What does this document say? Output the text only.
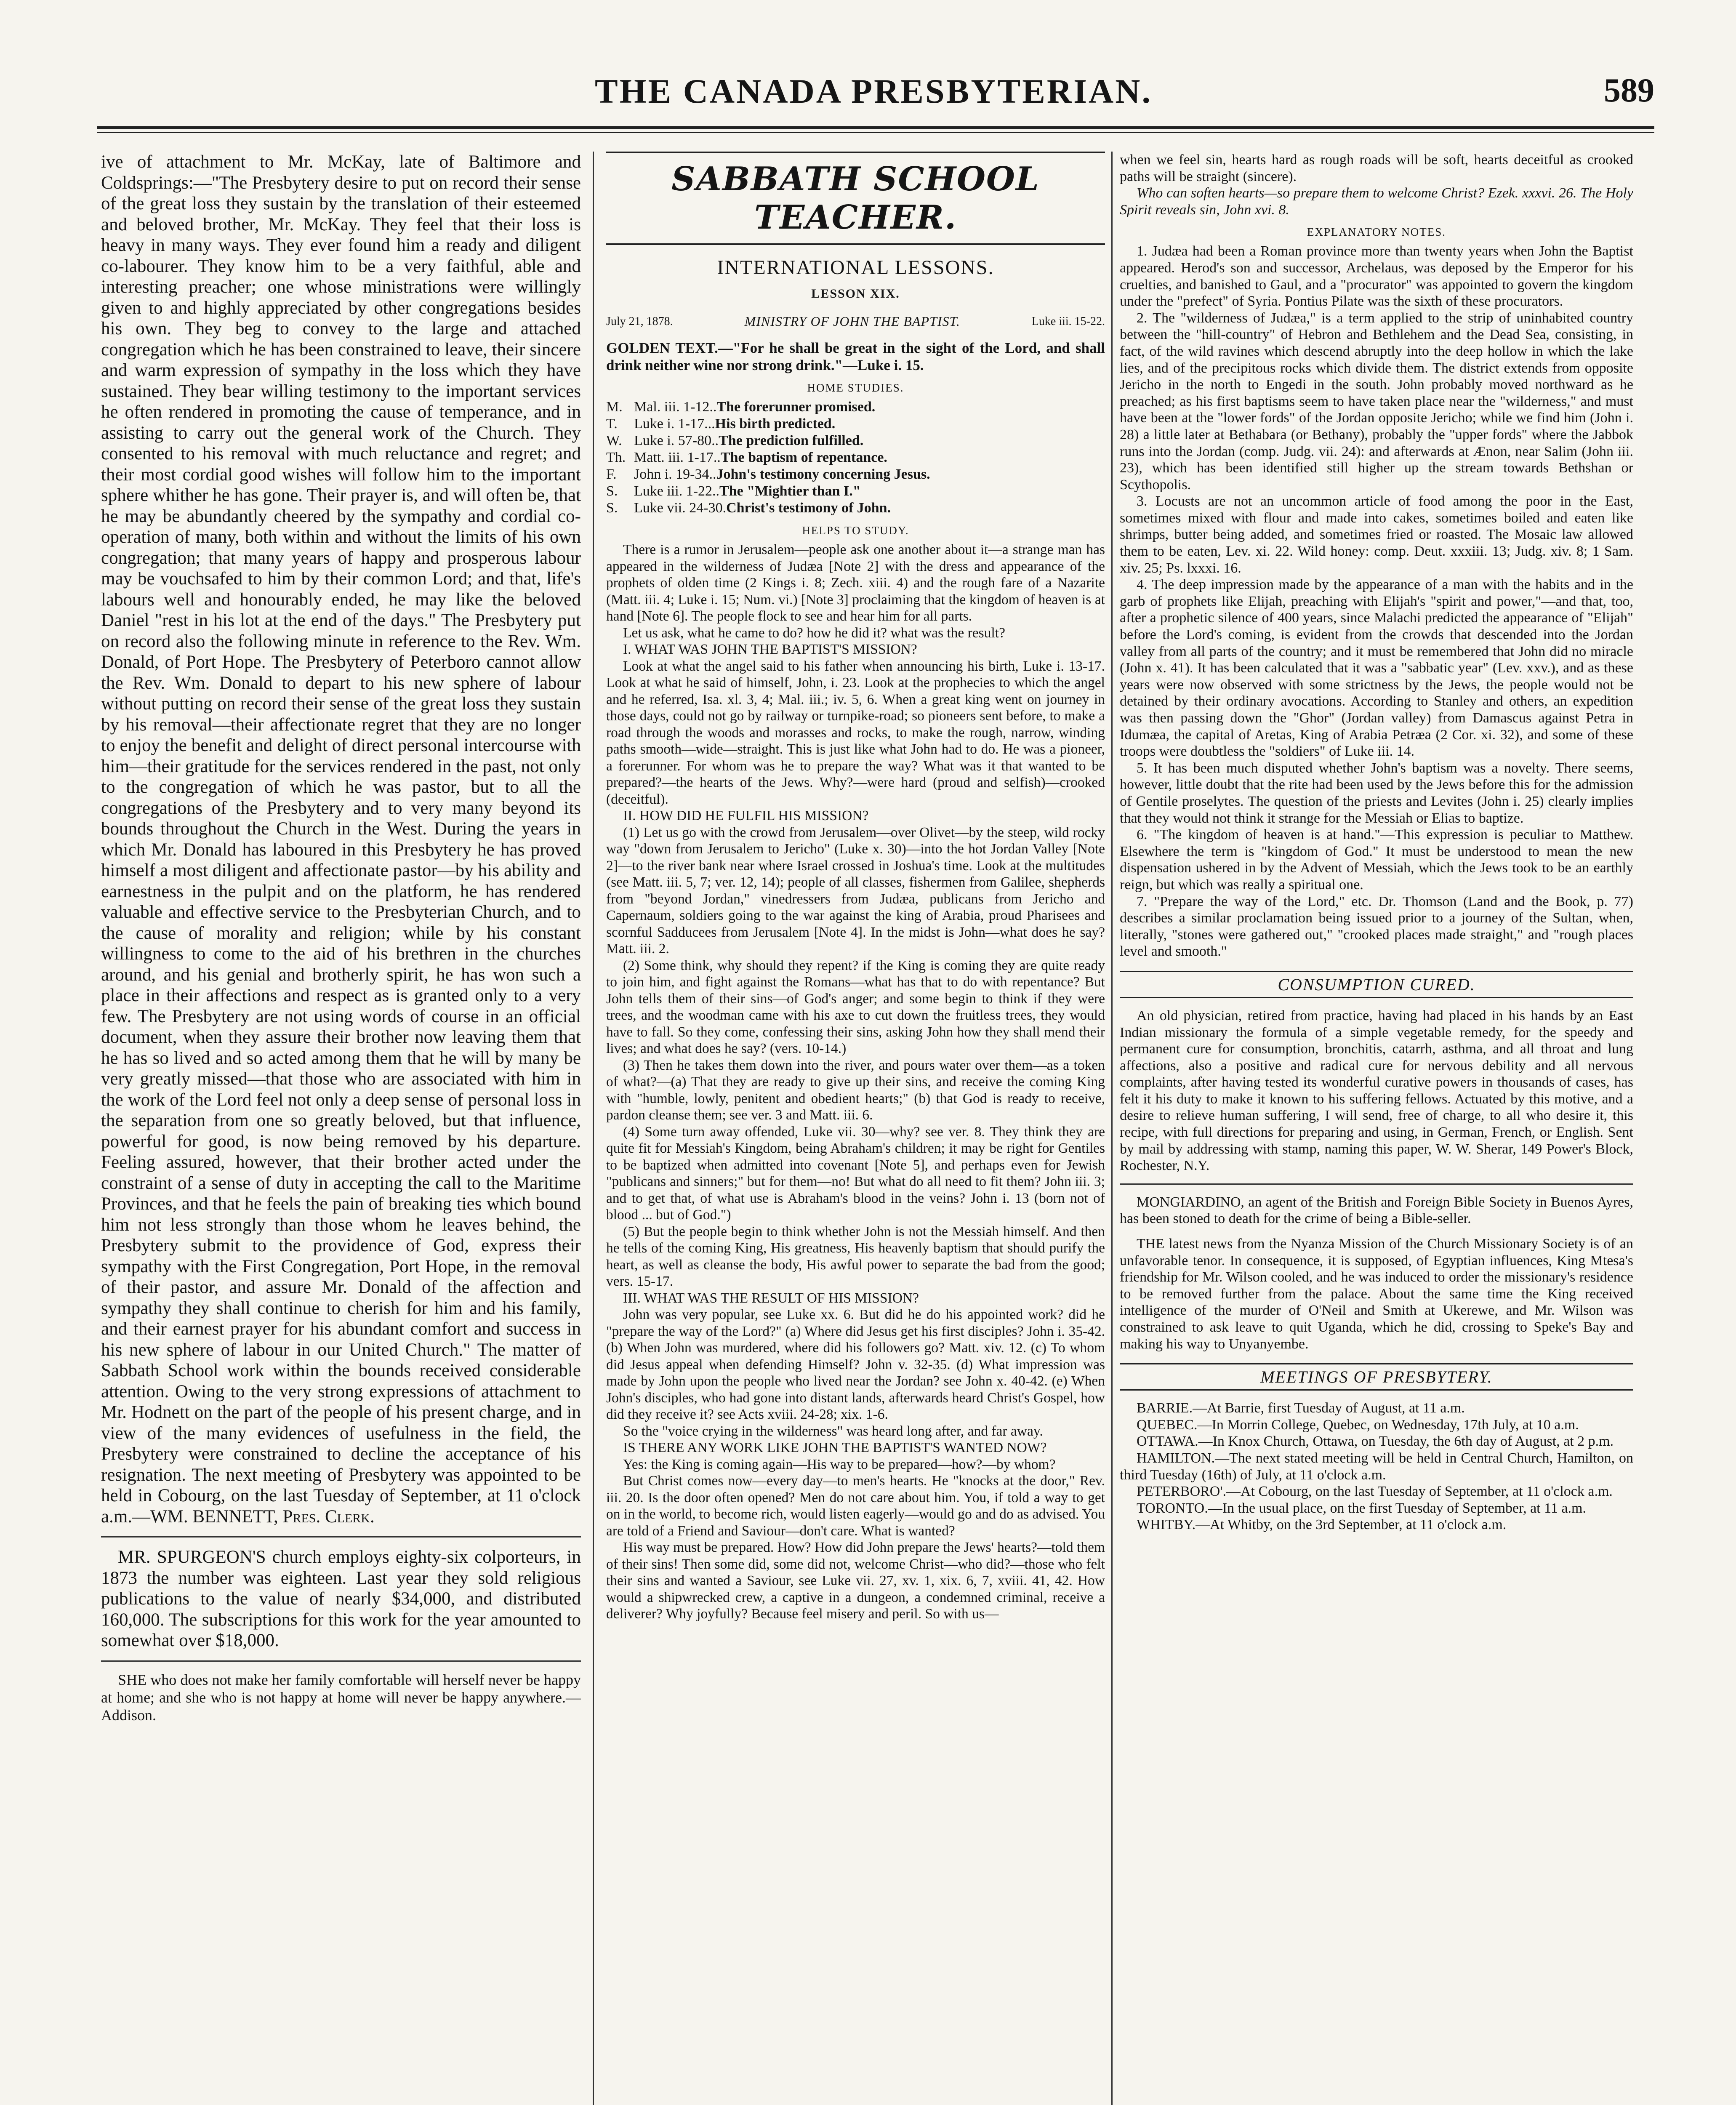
THE CANADA PRESBYTERIAN.	589

ive of attachment to Mr. McKay, late of Baltimore and Coldsprings:—"The Presbytery desire to put on record their sense of the great loss they sustain by the translation of their esteemed and beloved brother, Mr. McKay. They feel that their loss is heavy in many ways. They ever found him a ready and diligent co-labourer. They know him to be a very faithful, able and interesting preacher; one whose ministrations were willingly given to and highly appreciated by other congregations besides his own. They beg to convey to the large and attached congregation which he has been constrained to leave, their sincere and warm expression of sympathy in the loss which they have sustained. They bear willing testimony to the important services he often rendered in promoting the cause of temperance, and in assisting to carry out the general work of the Church. They consented to his removal with much reluctance and regret; and their most cordial good wishes will follow him to the important sphere whither he has gone. Their prayer is, and will often be, that he may be abundantly cheered by the sympathy and cordial co-operation of many, both within and without the limits of his own congregation; that many years of happy and prosperous labour may be vouchsafed to him by their common Lord; and that, life's labours well and honourably ended, he may like the beloved Daniel "rest in his lot at the end of the days." The Presbytery put on record also the following minute in reference to the Rev. Wm. Donald, of Port Hope. The Presbytery of Peterboro cannot allow the Rev. Wm. Donald to depart to his new sphere of labour without putting on record their sense of the great loss they sustain by his removal—their affectionate regret that they are no longer to enjoy the benefit and delight of direct personal intercourse with him—their gratitude for the services rendered in the past, not only to the congregation of which he was pastor, but to all the congregations of the Presbytery and to very many beyond its bounds throughout the Church in the West. During the years in which Mr. Donald has laboured in this Presbytery he has proved himself a most diligent and affectionate pastor—by his ability and earnestness in the pulpit and on the platform, he has rendered valuable and effective service to the Presbyterian Church, and to the cause of morality and religion; while by his constant willingness to come to the aid of his brethren in the churches around, and his genial and brotherly spirit, he has won such a place in their affections and respect as is granted only to a very few. The Presbytery are not using words of course in an official document, when they assure their brother now leaving them that he has so lived and so acted among them that he will by many be very greatly missed—that those who are associated with him in the work of the Lord feel not only a deep sense of personal loss in the separation from one so greatly beloved, but that influence, powerful for good, is now being removed by his departure. Feeling assured, however, that their brother acted under the constraint of a sense of duty in accepting the call to the Maritime Provinces, and that he feels the pain of breaking ties which bound him not less strongly than those whom he leaves behind, the Presbytery submit to the providence of God, express their sympathy with the First Congregation, Port Hope, in the removal of their pastor, and assure Mr. Donald of the affection and sympathy they shall continue to cherish for him and his family, and their earnest prayer for his abundant comfort and success in his new sphere of labour in our United Church." The matter of Sabbath School work within the bounds received considerable attention. Owing to the very strong expressions of attachment to Mr. Hodnett on the part of the people of his present charge, and in view of the many evidences of usefulness in the field, the Presbytery were constrained to decline the acceptance of his resignation. The next meeting of Presbytery was appointed to be held in Cobourg, on the last Tuesday of September, at 11 o'clock a.m.—WM. BENNETT, Pres. Clerk.

MR. SPURGEON'S church employs eighty-six colporteurs, in 1873 the number was eighteen. Last year they sold religious publications to the value of nearly $34,000, and distributed 160,000. The subscriptions for this work for the year amounted to somewhat over $18,000.

SHE who does not make her family comfortable will herself never be happy at home; and she who is not happy at home will never be happy anywhere.—Addison.

SABBATH SCHOOL TEACHER.
INTERNATIONAL LESSONS.
LESSON XIX.
July 21, 1878.	MINISTRY OF JOHN THE BAPTIST.	Luke iii. 15-22.

GOLDEN TEXT.—"For he shall be great in the sight of the Lord, and shall drink neither wine nor strong drink."—Luke i. 15.

HOME STUDIES.
M. Mal. iii. 1-12.. The forerunner promised.
T.	Luke i. 1-17... His birth predicted.
W. Luke i. 57-80.. The prediction fulfilled.
Th. Matt. iii. 1-17.. The baptism of repentance.
F.	John i. 19-34.. John's testimony concerning Jesus.
S.	Luke iii. 1-22.. The "Mightier than I."
S.	Luke vii. 24-30. Christ's testimony of John.
HELPS TO STUDY.

There is a rumor in Jerusalem—people ask one another about it—a strange man has appeared in the wilderness of Judæa [Note 2] with the dress and appearance of the prophets of olden time (2 Kings i. 8; Zech. xiii. 4) and the rough fare of a Nazarite (Matt. iii. 4; Luke i. 15; Num. vi.) [Note 3] proclaiming that the kingdom of heaven is at hand [Note 6]. The people flock to see and hear him for all parts.

Let us ask, what he came to do? how he did it? what was the result?

I. WHAT WAS JOHN THE BAPTIST'S MISSION?

Look at what the angel said to his father when announcing his birth, Luke i. 13-17. Look at what he said of himself, John, i. 23. Look at the prophecies to which the angel and he referred, Isa. xl. 3, 4; Mal. iii.; iv. 5, 6. When a great king went on journey in those days, could not go by railway or turnpike-road; so pioneers sent before, to make a road through the woods and morasses and rocks, to make the rough, narrow, winding paths smooth—wide—straight. This is just like what John had to do. He was a pioneer, a forerunner. For whom was he to prepare the way? What was it that wanted to be prepared?—the hearts of the Jews. Why?—were hard (proud and selfish)—crooked (deceitful).

II. HOW DID HE FULFIL HIS MISSION?

(1) Let us go with the crowd from Jerusalem—over Olivet—by the steep, wild rocky way "down from Jerusalem to Jericho" (Luke x. 30)—into the hot Jordan Valley [Note 2]—to the river bank near where Israel crossed in Joshua's time. Look at the multitudes (see Matt. iii. 5, 7; ver. 12, 14); people of all classes, fishermen from Galilee, shepherds from "beyond Jordan," vinedressers from Judæa, publicans from Jericho and Capernaum, soldiers going to the war against the king of Arabia, proud Pharisees and scornful Sadducees from Jerusalem [Note 4]. In the midst is John—what does he say? Matt. iii. 2.

(2) Some think, why should they repent? if the King is coming they are quite ready to join him, and fight against the Romans—what has that to do with repentance? But John tells them of their sins—of God's anger; and some begin to think if they were trees, and the woodman came with his axe to cut down the fruitless trees, they would have to fall. So they come, confessing their sins, asking John how they shall mend their lives; and what does he say? (vers. 10-14.)

(3) Then he takes them down into the river, and pours water over them—as a token of what?—(a) That they are ready to give up their sins, and receive the coming King with "humble, lowly, penitent and obedient hearts;" (b) that God is ready to receive, pardon cleanse them; see ver. 3 and Matt. iii. 6.

(4) Some turn away offended, Luke vii. 30—why? see ver. 8. They think they are quite fit for Messiah's Kingdom, being Abraham's children; it may be right for Gentiles to be baptized when admitted into covenant [Note 5], and perhaps even for Jewish "publicans and sinners;" but for them—no! But what do all need to fit them? John iii. 3; and to get that, of what use is Abraham's blood in the veins? John i. 13 (born not of blood ... but of God.")

(5) But the people begin to think whether John is not the Messiah himself. And then he tells of the coming King, His greatness, His heavenly baptism that should purify the heart, as well as cleanse the body, His awful power to separate the bad from the good; vers. 15-17.

III. WHAT WAS THE RESULT OF HIS MISSION?

John was very popular, see Luke xx. 6. But did he do his appointed work? did he "prepare the way of the Lord?" (a) Where did Jesus get his first disciples? John i. 35-42. (b) When John was murdered, where did his followers go? Matt. xiv. 12. (c) To whom did Jesus appeal when defending Himself? John v. 32-35. (d) What impression was made by John upon the people who lived near the Jordan? see John x. 40-42. (e) When John's disciples, who had gone into distant lands, afterwards heard Christ's Gospel, how did they receive it? see Acts xviii. 24-28; xix. 1-6.

So the "voice crying in the wilderness" was heard long after, and far away.

IS THERE ANY WORK LIKE JOHN THE BAPTIST'S WANTED NOW?

Yes: the King is coming again—His way to be prepared—how?—by whom?

But Christ comes now—every day—to men's hearts. He "knocks at the door," Rev. iii. 20. Is the door often opened? Men do not care about him. You, if told a way to get on in the world, to become rich, would listen eagerly—would go and do as advised. You are told of a Friend and Saviour—don't care. What is wanted?

His way must be prepared. How? How did John prepare the Jews' hearts?—told them of their sins! Then some did, some did not, welcome Christ—who did?—those who felt their sins and wanted a Saviour, see Luke vii. 27, xv. 1, xix. 6, 7, xviii. 41, 42. How would a shipwrecked crew, a captive in a dungeon, a condemned criminal, receive a deliverer? Why joyfully? Because feel misery and peril. So with us—

when we feel sin, hearts hard as rough roads will be soft, hearts deceitful as crooked paths will be straight (sincere).

Who can soften hearts—so prepare them to welcome Christ? Ezek. xxxvi. 26. The Holy Spirit reveals sin, John xvi. 8.

EXPLANATORY NOTES.

1. Judæa had been a Roman province more than twenty years when John the Baptist appeared. Herod's son and successor, Archelaus, was deposed by the Emperor for his cruelties, and banished to Gaul, and a "procurator" was appointed to govern the kingdom under the "prefect" of Syria. Pontius Pilate was the sixth of these procurators.

2. The "wilderness of Judæa," is a term applied to the strip of uninhabited country between the "hill-country" of Hebron and Bethlehem and the Dead Sea, consisting, in fact, of the wild ravines which descend abruptly into the deep hollow in which the lake lies, and of the precipitous rocks which divide them. The district extends from opposite Jericho in the north to Engedi in the south. John probably moved northward as he preached; as his first baptisms seem to have taken place near the "wilderness," and must have been at the "lower fords" of the Jordan opposite Jericho; while we find him (John i. 28) a little later at Bethabara (or Bethany), probably the "upper fords" where the Jabbok runs into the Jordan (comp. Judg. vii. 24): and afterwards at Ænon, near Salim (John iii. 23), which has been identified still higher up the stream towards Bethshan or Scythopolis.

3. Locusts are not an uncommon article of food among the poor in the East, sometimes mixed with flour and made into cakes, sometimes boiled and eaten like shrimps, butter being added, and sometimes fried or roasted. The Mosaic law allowed them to be eaten, Lev. xi. 22. Wild honey: comp. Deut. xxxiii. 13; Judg. xiv. 8; 1 Sam. xiv. 25; Ps. lxxxi. 16.

4. The deep impression made by the appearance of a man with the habits and in the garb of prophets like Elijah, preaching with Elijah's "spirit and power,"—and that, too, after a prophetic silence of 400 years, since Malachi predicted the appearance of "Elijah" before the Lord's coming, is evident from the crowds that descended into the Jordan valley from all parts of the country; and it must be remembered that John did no miracle (John x. 41). It has been calculated that it was a "sabbatic year" (Lev. xxv.), and as these years were now observed with some strictness by the Jews, the people would not be detained by their ordinary avocations. According to Stanley and others, an expedition was then passing down the "Ghor" (Jordan valley) from Damascus against Petra in Idumæa, the capital of Aretas, King of Arabia Petræa (2 Cor. xi. 32), and some of these troops were doubtless the "soldiers" of Luke iii. 14.

5. It has been much disputed whether John's baptism was a novelty. There seems, however, little doubt that the rite had been used by the Jews before this for the admission of Gentile proselytes. The question of the priests and Levites (John i. 25) clearly implies that they would not think it strange for the Messiah or Elias to baptize.

6. "The kingdom of heaven is at hand."—This expression is peculiar to Matthew. Elsewhere the term is "kingdom of God." It must be understood to mean the new dispensation ushered in by the Advent of Messiah, which the Jews took to be an earthly reign, but which was really a spiritual one.

7. "Prepare the way of the Lord," etc. Dr. Thomson (Land and the Book, p. 77) describes a similar proclamation being issued prior to a journey of the Sultan, when, literally, "stones were gathered out," "crooked places made straight," and "rough places level and smooth."

CONSUMPTION CURED.

An old physician, retired from practice, having had placed in his hands by an East Indian missionary the formula of a simple vegetable remedy, for the speedy and permanent cure for consumption, bronchitis, catarrh, asthma, and all throat and lung affections, also a positive and radical cure for nervous debility and all nervous complaints, after having tested its wonderful curative powers in thousands of cases, has felt it his duty to make it known to his suffering fellows. Actuated by this motive, and a desire to relieve human suffering, I will send, free of charge, to all who desire it, this recipe, with full directions for preparing and using, in German, French, or English. Sent by mail by addressing with stamp, naming this paper, W. W. Sherar, 149 Power's Block, Rochester, N.Y.

MONGIARDINO, an agent of the British and Foreign Bible Society in Buenos Ayres, has been stoned to death for the crime of being a Bible-seller.

THE latest news from the Nyanza Mission of the Church Missionary Society is of an unfavorable tenor. In consequence, it is supposed, of Egyptian influences, King Mtesa's friendship for Mr. Wilson cooled, and he was induced to order the missionary's residence to be removed further from the palace. About the same time the King received intelligence of the murder of O'Neil and Smith at Ukerewe, and Mr. Wilson was constrained to ask leave to quit Uganda, which he did, crossing to Speke's Bay and making his way to Unyanyembe.

MEETINGS OF PRESBYTERY.

BARRIE.—At Barrie, first Tuesday of August, at 11 a.m.

QUEBEC.—In Morrin College, Quebec, on Wednesday, 17th July, at 10 a.m.

OTTAWA.—In Knox Church, Ottawa, on Tuesday, the 6th day of August, at 2 p.m.

HAMILTON.—The next stated meeting will be held in Central Church, Hamilton, on third Tuesday (16th) of July, at 11 o'clock a.m.

PETERBORO'.—At Cobourg, on the last Tuesday of September, at 11 o'clock a.m.

TORONTO.—In the usual place, on the first Tuesday of September, at 11 a.m.

WHITBY.—At Whitby, on the 3rd September, at 11 o'clock a.m.
